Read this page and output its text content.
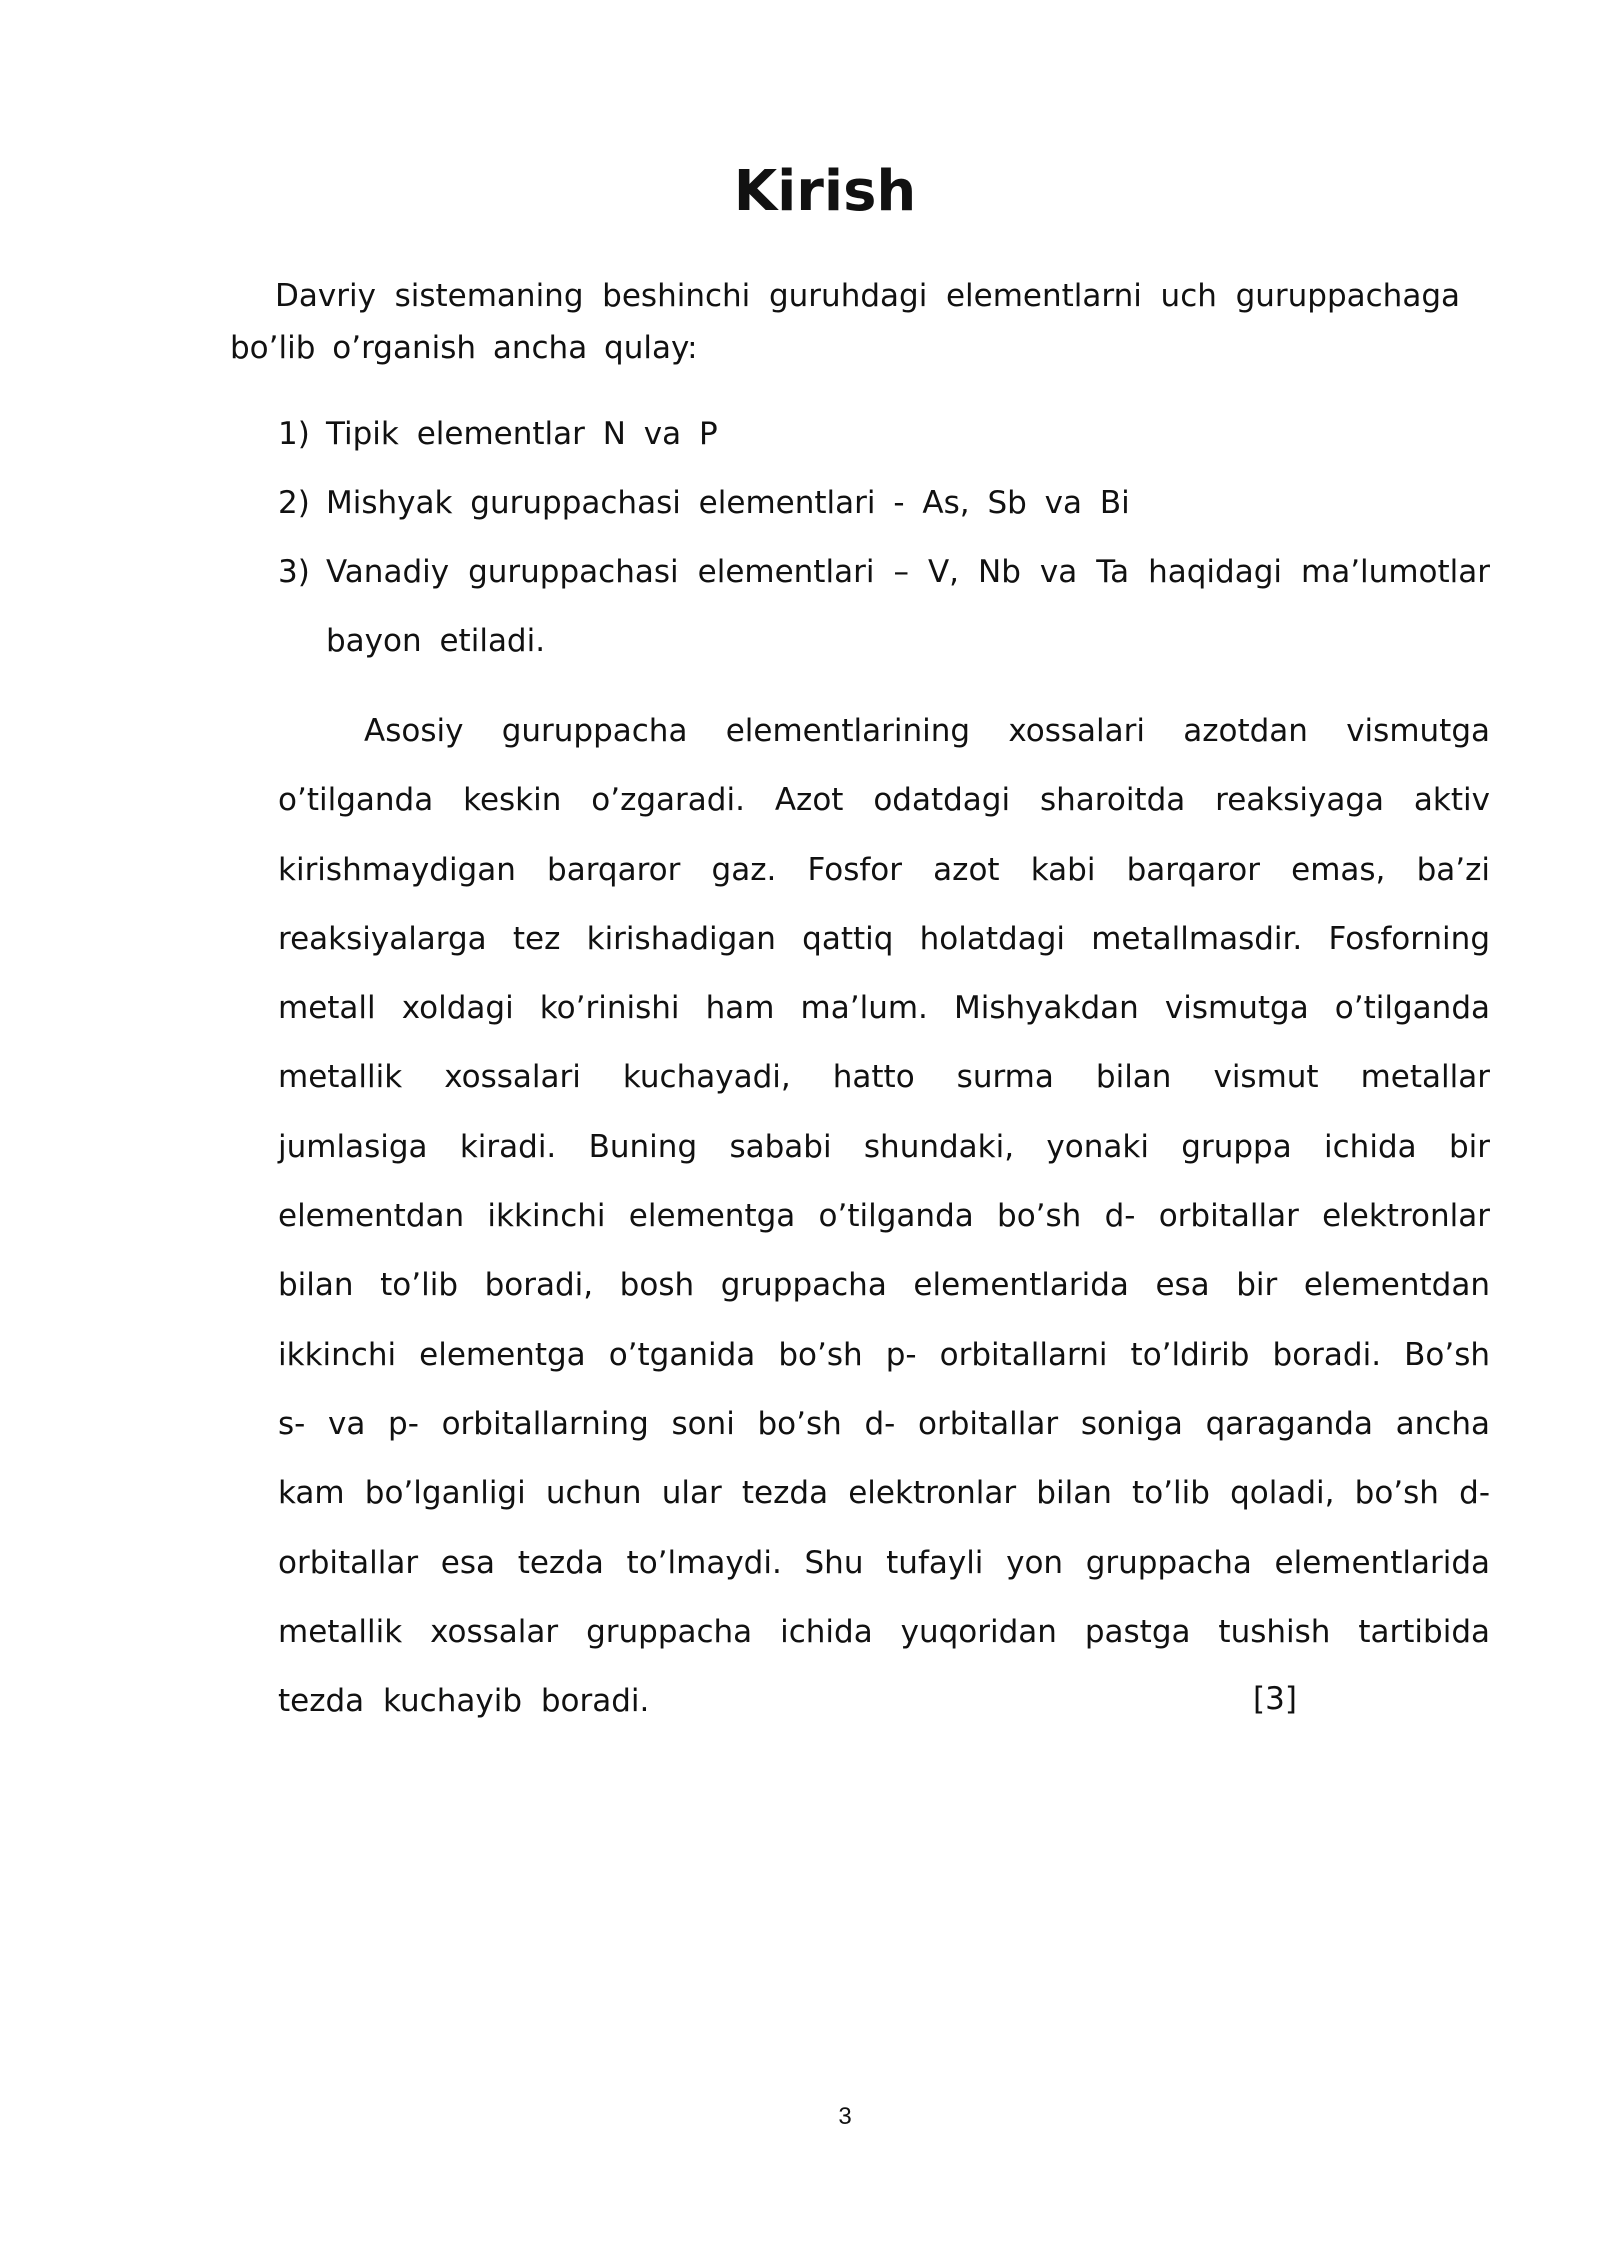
Kirish

Davriy sistemaning beshinchi guruhdagi elementlarni uch guruppachaga bo’lib o’rganish ancha qulay:

1) Tipik elementlar N va P
2) Mishyak guruppachasi elementlari - As, Sb va Bi
3) Vanadiy guruppachasi elementlari – V, Nb va Ta haqidagi ma’lumotlar bayon etiladi.

Asosiy guruppacha elementlarining xossalari azotdan vismutga o’tilganda keskin o’zgaradi. Azot odatdagi sharoitda reaksiyaga aktiv kirishmaydigan barqaror gaz. Fosfor azot kabi barqaror emas, ba’zi reaksiyalarga tez kirishadigan qattiq holatdagi metallmasdir. Fosforning metall xoldagi ko’rinishi ham ma’lum. Mishyakdan vismutga o’tilganda metallik xossalari kuchayadi, hatto surma bilan vismut metallar jumlasiga kiradi. Buning sababi shundaki, yonaki gruppa ichida bir elementdan ikkinchi elementga o’tilganda bo’sh d- orbitallar elektronlar bilan to’lib boradi, bosh gruppacha elementlarida esa bir elementdan ikkinchi elementga o’tganida bo’sh p- orbitallarni to’ldirib boradi. Bo’sh s- va p- orbitallarning soni bo’sh d- orbitallar soniga qaraganda ancha kam bo’lganligi uchun ular tezda elektronlar bilan to’lib qoladi, bo’sh d- orbitallar esa tezda to’lmaydi. Shu tufayli yon gruppacha elementlarida metallik xossalar gruppacha ichida yuqoridan pastga tushish tartibida tezda kuchayib boradi.	[3]
3
